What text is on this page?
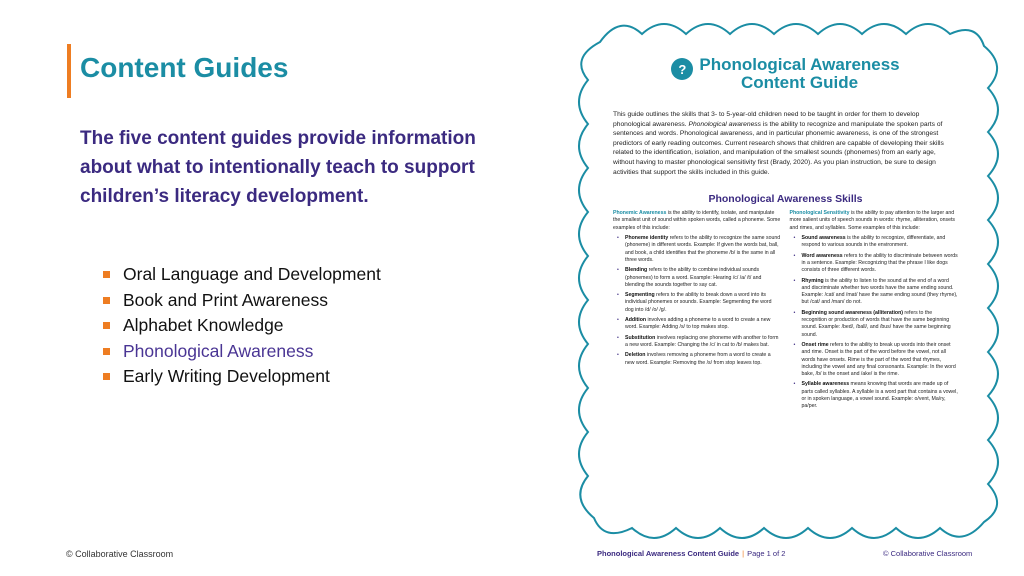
Content Guides

The five content guides provide information about what to intentionally teach to support children’s literacy development.

Oral Language and Development
Book and Print Awareness
Alphabet Knowledge
Phonological Awareness
Early Writing Development
© Collaborative Classroom
? Phonological Awareness
Content Guide

This guide outlines the skills that 3- to 5-year-old children need to be taught in order for them to develop phonological awareness. Phonological awareness is the ability to recognize and manipulate the spoken parts of sentences and words. Phonological awareness, and in particular phonemic awareness, is one of the strongest predictors of early reading outcomes. Current research shows that children are capable of developing their skills related to the identification, isolation, and manipulation of the smallest sounds (phonemes) from an early age, without having to master phonological sensitivity first (Brady, 2020). As you plan instruction, be sure to design activities that support the skills included in this guide.

Phonological Awareness Skills
Phonemic Awareness is the ability to identify, isolate, and manipulate the smallest unit of sound within spoken words, called a phoneme. Some examples of this include:
• Phoneme identity refers to the ability to recognize the same sound (phoneme) in different words. Example: If given the words bat, ball, and book, a child identifies that the phoneme /b/ is the same in all three words.
• Blending refers to the ability to combine individual sounds (phonemes) to form a word. Example: Hearing /c/ /a/ /t/ and blending the sounds together to say cat.
• Segmenting refers to the ability to break down a word into its individual phonemes or sounds. Example: Segmenting the word dog into /d/ /o/ /g/.
• Addition involves adding a phoneme to a word to create a new word. Example: Adding /s/ to top makes stop.
• Substitution involves replacing one phoneme with another to form a new word. Example: Changing the /c/ in cat to /b/ makes bat.
• Deletion involves removing a phoneme from a word to create a new word. Example: Removing the /s/ from stop leaves top.
Phonological Sensitivity is the ability to pay attention to the larger and more salient units of speech sounds in words: rhyme, alliteration, onsets and rimes, and syllables. Some examples of this include:
• Sound awareness is the ability to recognize, differentiate, and respond to various sounds in the environment.
• Word awareness refers to the ability to discriminate between words in a sentence. Example: Recognizing that the phrase I like dogs consists of three different words.
• Rhyming is the ability to listen to the sound at the end of a word and discriminate whether two words have the same ending sound. Example: /cat/ and /mat/ have the same ending sound (they rhyme), but /cat/ and /man/ do not.
• Beginning sound awareness (alliteration) refers to the recognition or production of words that have the same beginning sound. Example: /bed/, /ball/, and /bus/ have the same beginning sound.
• Onset rime refers to the ability to break up words into their onset and rime. Onset is the part of the word before the vowel, not all words have onsets. Rime is the part of the word that rhymes, including the vowel and any final consonants. Example: In the word bake, /b/ is the onset and /ake/ is the rime.
• Syllable awareness means knowing that words are made up of parts called syllables. A syllable is a word part that contains a vowel, or in spoken language, a vowel sound. Example: o/vent, Ma/ry, pa/per.
Phonological Awareness Content Guide | Page 1 of 2	© Collaborative Classroom
